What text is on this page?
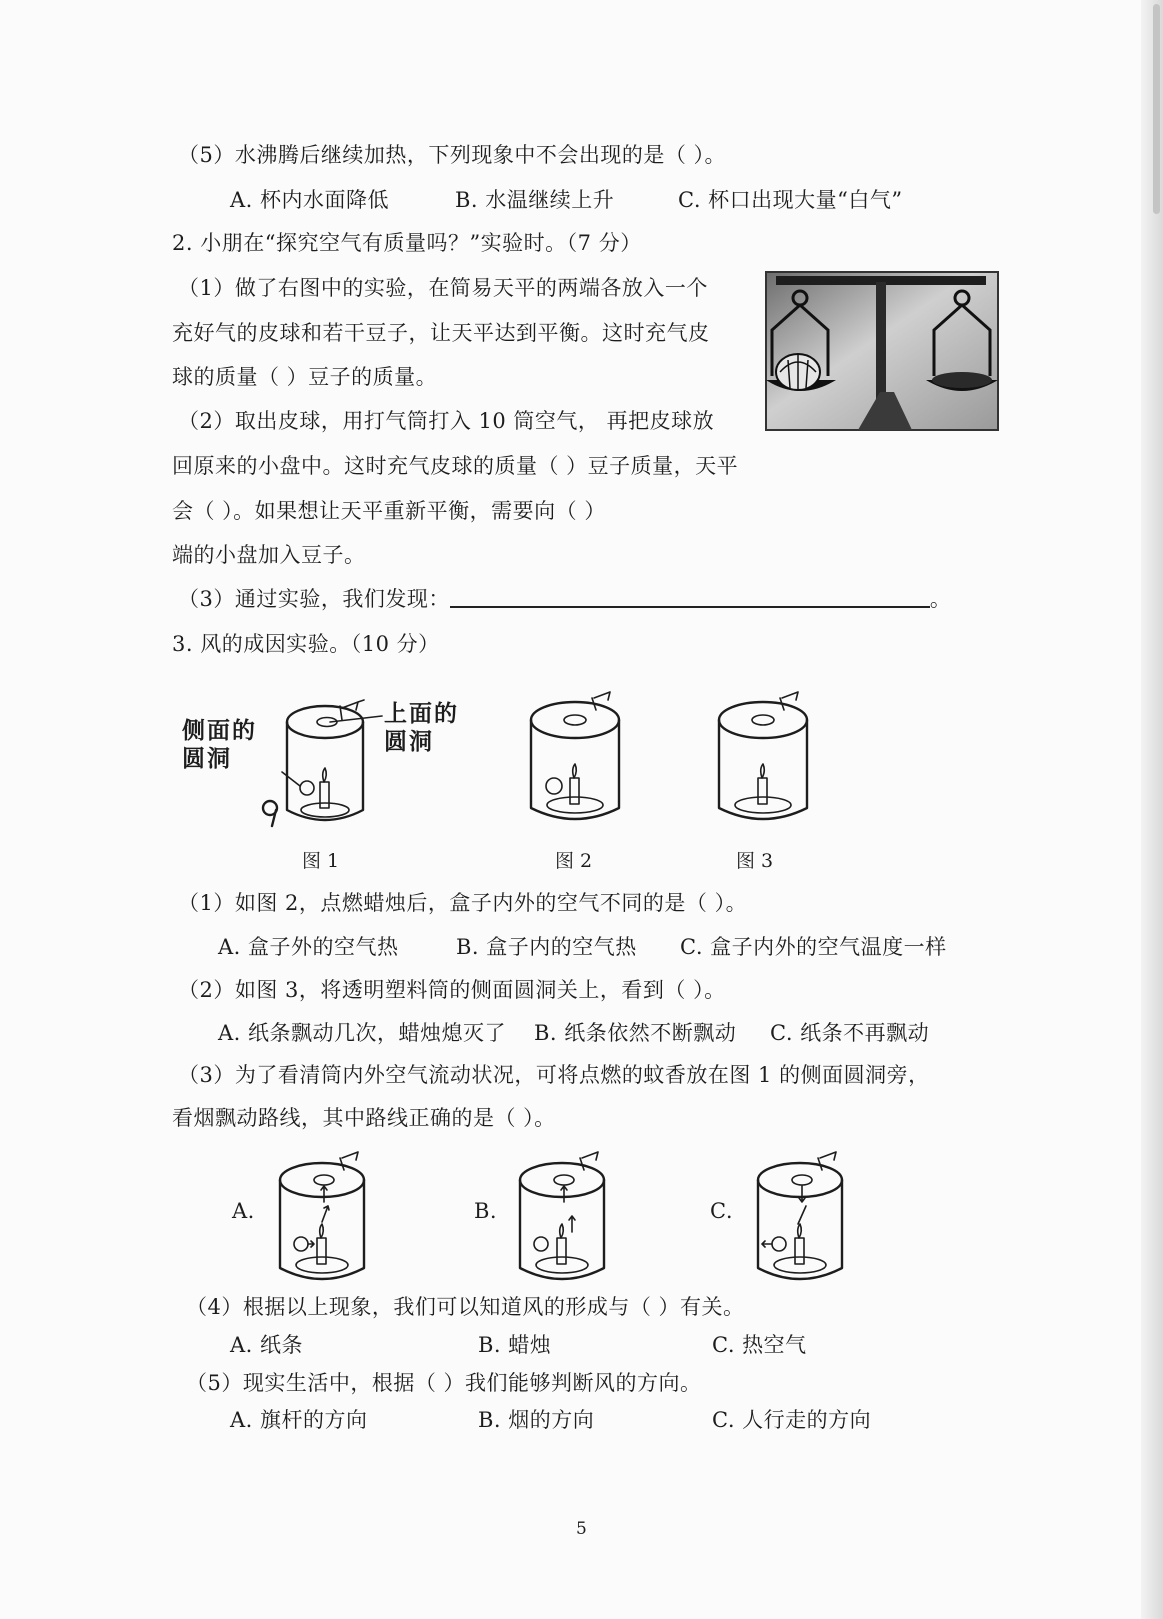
（5）水沸腾后继续加热，下列现象中不会出现的是（ ）。
A. 杯内水面降低	B. 水温继续上升	C. 杯口出现大量“白气”
2. 小朋在“探究空气有质量吗？”实验时。（7 分）
（1）做了右图中的实验，在简易天平的两端各放入一个
充好气的皮球和若干豆子，让天平达到平衡。这时充气皮
球的质量（ ）豆子的质量。
（2）取出皮球，用打气筒打入 10 筒空气， 再把皮球放
回原来的小盘中。这时充气皮球的质量（ ）豆子质量，天平
会（ ）。如果想让天平重新平衡，需要向（ ）
端的小盘加入豆子。
（3）通过实验，我们发现：	。
3. 风的成因实验。（10 分）
侧面的
圆洞
上面的
圆洞
图 1	图 2	图 3
（1）如图 2，点燃蜡烛后，盒子内外的空气不同的是（ ）。
A. 盒子外的空气热	B. 盒子内的空气热 C. 盒子内外的空气温度一样
（2）如图 3，将透明塑料筒的侧面圆洞关上，看到（ ）。
A. 纸条飘动几次，蜡烛熄灭了 B. 纸条依然不断飘动 C. 纸条不再飘动
（3）为了看清筒内外空气流动状况，可将点燃的蚊香放在图 1 的侧面圆洞旁，
看烟飘动路线，其中路线正确的是（ ）。
A.	B.	C.
（4）根据以上现象，我们可以知道风的形成与（ ）有关。
A. 纸条	B. 蜡烛	C. 热空气
（5）现实生活中，根据（ ）我们能够判断风的方向。
A. 旗杆的方向	B. 烟的方向	C. 人行走的方向
5
